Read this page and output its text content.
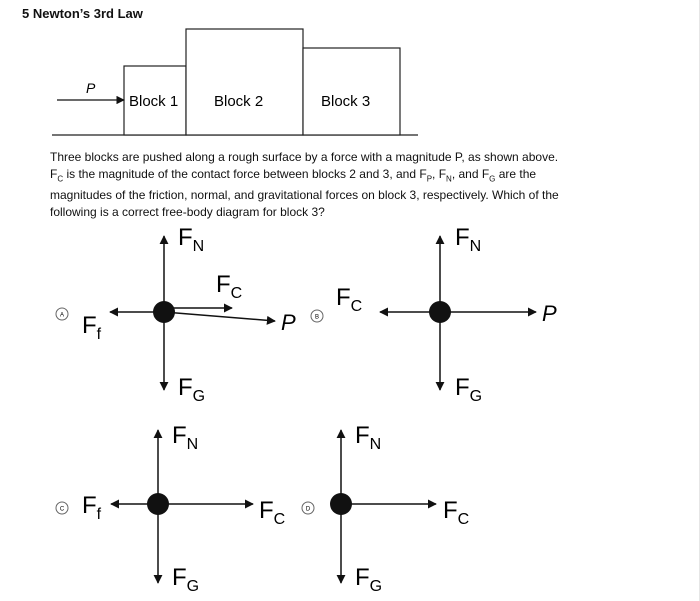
5 Newton’s 3rd Law
P
Block 1 Block 2	Block 3
Three blocks are pushed along a rough surface by a force with a magnitude P, as shown above.
$F_C$ is the magnitude of the contact force between blocks 2 and 3, and $F_P$, $F_N$, and $F_G$ are the
magnitudes of the friction, normal, and gravitational forces on block 3, respectively. Which of the
following is a correct free-body diagram for block 3?
A
$F_N$
$F_C$
P
$F_f$
$F_G$
B
$F_N$
$F_C$	P
$F_G$
C
$F_N$
$F_f$	$F_C$
$F_G$
D
$F_N$
$F_C$
$F_G$
